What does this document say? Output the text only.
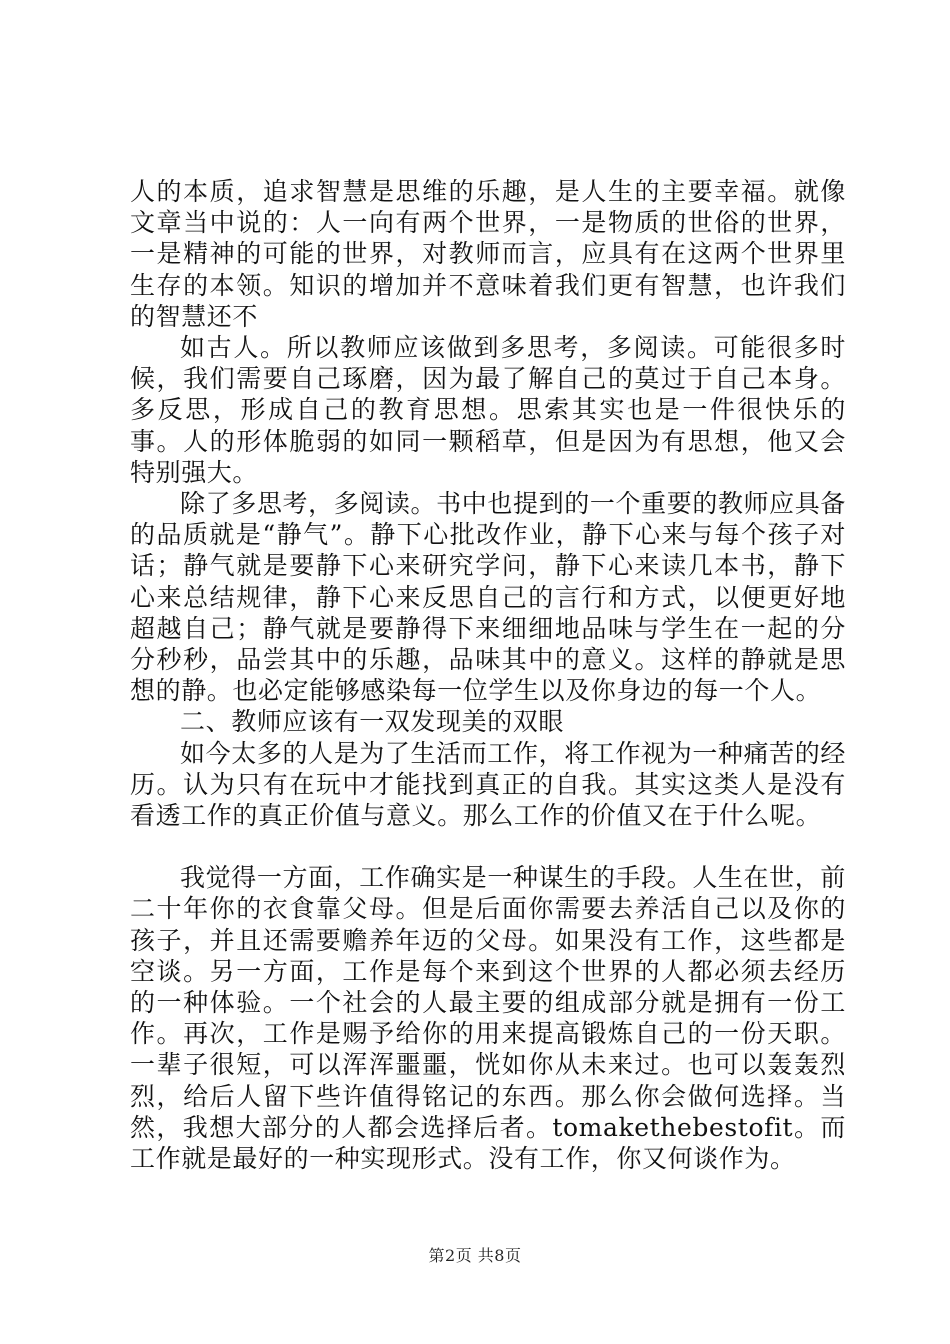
人的本质，追求智慧是思维的乐趣，是人生的主要幸福。就像文章当中说的：人一向有两个世界，一是物质的世俗的世界，一是精神的可能的世界，对教师而言，应具有在这两个世界里生存的本领。知识的增加并不意味着我们更有智慧，也许我们的智慧还不

如古人。所以教师应该做到多思考，多阅读。可能很多时候，我们需要自己琢磨，因为最了解自己的莫过于自己本身。多反思，形成自己的教育思想。思索其实也是一件很快乐的事。人的形体脆弱的如同一颗稻草，但是因为有思想，他又会特别强大。

除了多思考，多阅读。书中也提到的一个重要的教师应具备的品质就是“静气”。静下心批改作业，静下心来与每个孩子对话；静气就是要静下心来研究学问，静下心来读几本书，静下心来总结规律，静下心来反思自己的言行和方式，以便更好地超越自己；静气就是要静得下来细细地品味与学生在一起的分分秒秒，品尝其中的乐趣，品味其中的意义。这样的静就是思想的静。也必定能够感染每一位学生以及你身边的每一个人。

二、教师应该有一双发现美的双眼

如今太多的人是为了生活而工作，将工作视为一种痛苦的经历。认为只有在玩中才能找到真正的自我。其实这类人是没有看透工作的真正价值与意义。那么工作的价值又在于什么呢。

我觉得一方面，工作确实是一种谋生的手段。人生在世，前二十年你的衣食靠父母。但是后面你需要去养活自己以及你的孩子，并且还需要赡养年迈的父母。如果没有工作，这些都是空谈。另一方面，工作是每个来到这个世界的人都必须去经历的一种体验。一个社会的人最主要的组成部分就是拥有一份工作。再次，工作是赐予给你的用来提高锻炼自己的一份天职。一辈子很短，可以浑浑噩噩，恍如你从未来过。也可以轰轰烈烈，给后人留下些许值得铭记的东西。那么你会做何选择。当然，我想大部分的人都会选择后者。tomakethebestofit。而工作就是最好的一种实现形式。没有工作，你又何谈作为。

第2页 共8页
